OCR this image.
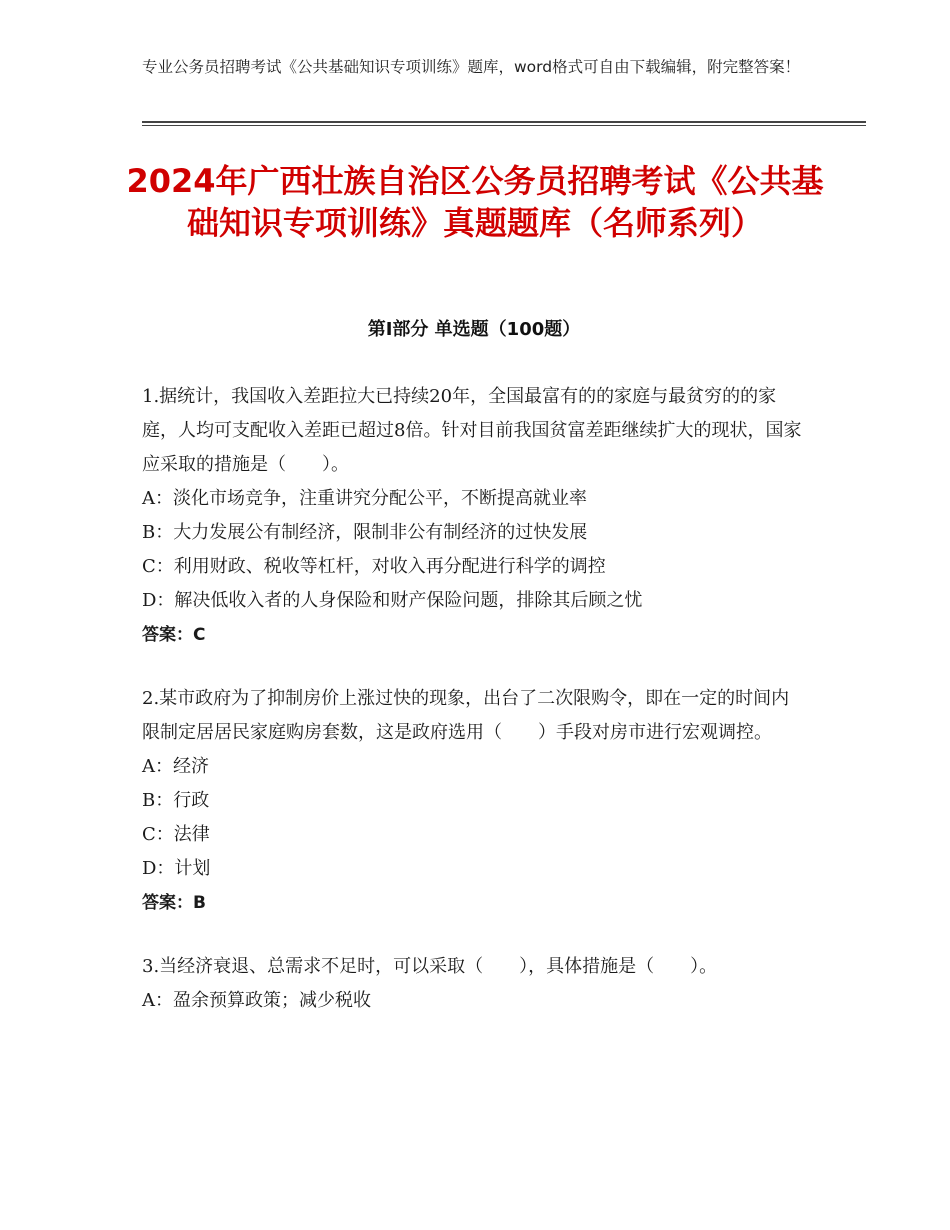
专业公务员招聘考试《公共基础知识专项训练》题库，word格式可自由下载编辑，附完整答案！
2024年广西壮族自治区公务员招聘考试《公共基础知识专项训练》真题题库（名师系列）
第I部分 单选题（100题）

1.据统计，我国收入差距拉大已持续20年，全国最富有的的家庭与最贫穷的的家庭，人均可支配收入差距已超过8倍。针对目前我国贫富差距继续扩大的现状，国家应采取的措施是（　　）。

A：淡化市场竞争，注重讲究分配公平，不断提高就业率

B：大力发展公有制经济，限制非公有制经济的过快发展

C：利用财政、税收等杠杆，对收入再分配进行科学的调控

D：解决低收入者的人身保险和财产保险问题，排除其后顾之忧

答案：C

2.某市政府为了抑制房价上涨过快的现象，出台了二次限购令，即在一定的时间内限制定居居民家庭购房套数，这是政府选用（　　）手段对房市进行宏观调控。

A：经济

B：行政

C：法律

D：计划

答案：B

3.当经济衰退、总需求不足时，可以采取（　　），具体措施是（　　）。

A：盈余预算政策；减少税收
